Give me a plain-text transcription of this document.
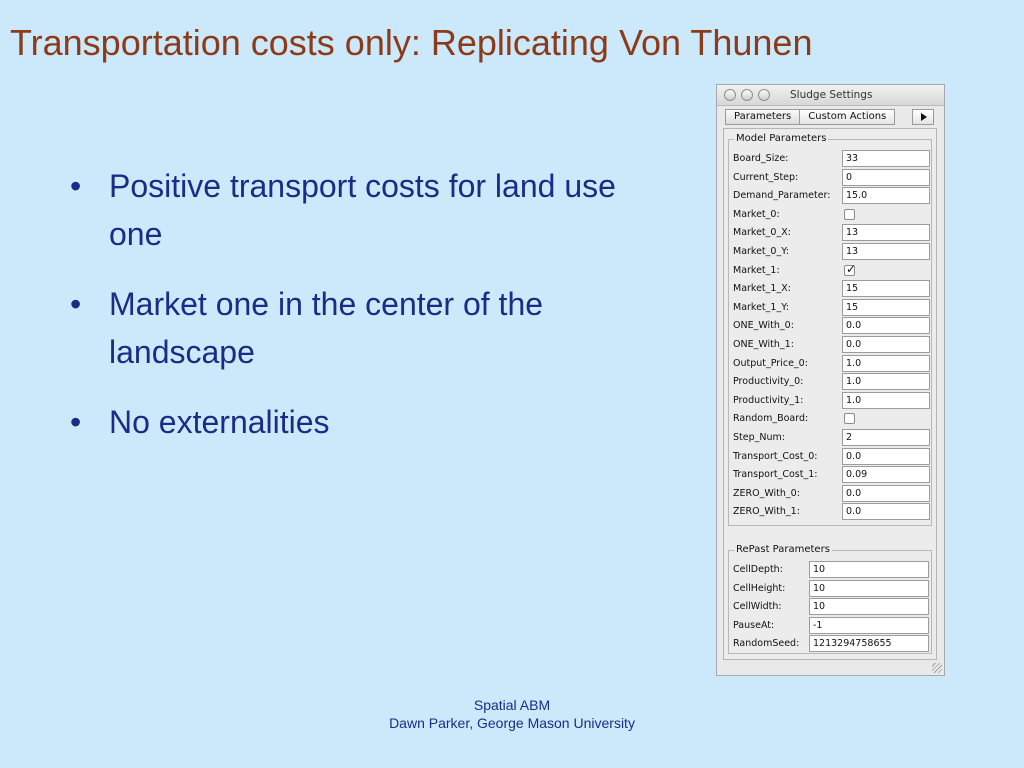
Transportation costs only: Replicating Von Thunen
• Positive transport costs for land use one
• Market one in the center of the landscape
• No externalities
Sludge Settings
Parameters	Custom Actions
Model Parameters
Board_Size:	33
Current_Step:	0
Demand_Parameter:	15.0
Market_0:
Market_0_X:	13
Market_0_Y:	13
Market_1:	✓
Market_1_X:	15
Market_1_Y:	15
ONE_With_0:	0.0
ONE_With_1:	0.0
Output_Price_0:	1.0
Productivity_0:	1.0
Productivity_1:	1.0
Random_Board:
Step_Num:	2
Transport_Cost_0:	0.0
Transport_Cost_1:	0.09
ZERO_With_0:	0.0
ZERO_With_1:	0.0
RePast Parameters
CellDepth:	10
CellHeight:	10
CellWidth:	10
PauseAt:	-1
RandomSeed:	1213294758655
Spatial ABM
Dawn Parker, George Mason University
